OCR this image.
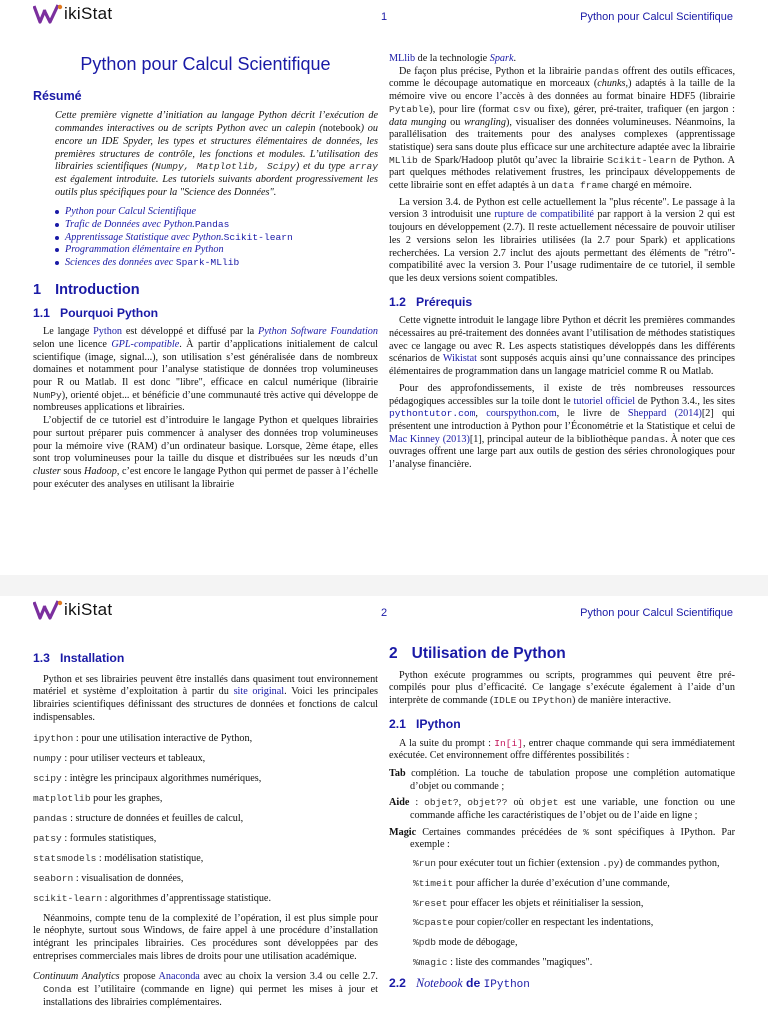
ikiStat	1	Python pour Calcul Scientifique
Python pour Calcul Scientifique
Résumé
Cette première vignette d’initiation au langage Python décrit l’exécution de commandes interactives ou de scripts Python avec un calepin (notebook) ou encore un IDE Spyder, les types et structures élémentaires de données, les premières structures de contrôle, les fonctions et modules. L’utilisation des librairies scientifiques (Numpy, Matplotlib, Scipy) et du type array est également introduite. Les tutoriels suivants abordent progressivement les outils plus spécifiques pour la "Science des Données".
Python pour Calcul Scientifique
Trafic de Données avec Python.Pandas
Apprentissage Statistique avec Python.Scikit-learn
Programmation élémentaire en Python
Sciences des données avec Spark-MLlib
1 Introduction
1.1 Pourquoi Python

Le langage Python est développé et diffusé par la Python Software Foundation selon une licence GPL-compatible. À partir d’applications initialement de calcul scientifique (image, signal...), son utilisation s’est généralisée dans de nombreux domaines et notamment pour l’analyse statistique de données trop volumineuses pour R ou Matlab. Il est donc "libre", efficace en calcul numérique (librairie NumPy), orienté objet... et bénéficie d’une communauté très active qui développe de nombreuses applications et librairies.

L’objectif de ce tutoriel est d’introduire le langage Python et quelques librairies pour surtout préparer puis commencer à analyser des données trop volumineuses pour la mémoire vive (RAM) d’un ordinateur basique. Lorsque, 2ème étape, elles sont trop volumineuses pour la taille du disque et distribuées sur les nœuds d’un cluster sous Hadoop, c’est encore le langage Python qui permet de passer à l’échelle pour exécuter des analyses en utilisant la librairie

MLlib de la technologie Spark.

De façon plus précise, Python et la librairie pandas offrent des outils efficaces, comme le découpage automatique en morceaux (chunks,) adaptés à la taille de la mémoire vive ou encore l’accès à des données au format binaire HDF5 (librairie Pytable), pour lire (format csv ou fixe), gérer, pré-traiter, trafiquer (en jargon : data munging ou wrangling), visualiser des données volumineuses. Néanmoins, la parallélisation des traitements pour des analyses complexes (apprentissage statistique) sera sans doute plus efficace sur une architecture adaptée avec la librairie MLlib de Spark/Hadoop plutôt qu’avec la librairie Scikit-learn de Python. A part quelques méthodes relativement frustres, les principaux développements de cette librairie sont en effet adaptés à un data frame chargé en mémoire.

La version 3.4. de Python est celle actuellement la "plus récente". Le passage à la version 3 introduisit une rupture de compatibilité par rapport à la version 2 qui est toujours en développement (2.7). Il reste actuellement nécessaire de pouvoir utiliser les 2 versions selon les librairies utilisées (la 2.7 pour Spark) et applications recherchées. La version 2.7 inclut des ajouts permettant des éléments de "rétro"-compatibilité avec la version 3. Pour l’usage rudimentaire de ce tutoriel, il semble que les deux versions soient compatibles.

1.2 Prérequis

Cette vignette introduit le langage libre Python et décrit les premières commandes nécessaires au pré-traitement des données avant l’utilisation de méthodes statistiques avec ce langage ou avec R. Les aspects statistiques développés dans les différents scénarios de Wikistat sont supposés acquis ainsi qu’une connaissance des principes élémentaires de programmation dans un langage matriciel comme R ou Matlab.

Pour des approfondissements, il existe de très nombreuses ressources pédagogiques accessibles sur la toile dont le tutoriel officiel de Python 3.4., les sites pythontutor.com, courspython.com, le livre de Sheppard (2014)[2] qui présentent une introduction à Python pour l’Économétrie et la Statistique et celui de Mac Kinney (2013)[1], principal auteur de la bibliothèque pandas. À noter que ces ouvrages offrent une large part aux outils de gestion des séries chronologiques pour l’analyse financière.

ikiStat	2	Python pour Calcul Scientifique
1.3 Installation

Python et ses librairies peuvent être installés dans quasiment tout environnement matériel et système d’exploitation à partir du site original. Voici les principales librairies scientifiques définissant des structures de données et fonctions de calcul indispensables.

ipython : pour une utilisation interactive de Python,
numpy : pour utiliser vecteurs et tableaux,
scipy : intègre les principaux algorithmes numériques,
matplotlib pour les graphes,
pandas : structure de données et feuilles de calcul,
patsy : formules statistiques,
statsmodels : modélisation statistique,
seaborn : visualisation de données,
scikit-learn : algorithmes d’apprentissage statistique.

Néanmoins, compte tenu de la complexité de l’opération, il est plus simple pour le néophyte, surtout sous Windows, de faire appel à une procédure d’installation intégrant les principales librairies. Ces procédures sont développées par des entreprises commerciales mais libres de droits pour une utilisation académique.

Continuum Analytics propose Anaconda avec au choix la version 3.4 ou celle 2.7. Conda est l’utilitaire (commande en ligne) qui permet les mises à jour et installations des librairies complémentaires.
2 Utilisation de Python

Python exécute programmes ou scripts, programmes qui peuvent être pré-compilés pour plus d’efficacité. Ce langage s’exécute également à l’aide d’un interprète de commande (IDLE ou IPython) de manière interactive.

2.1 IPython

A la suite du prompt : In[i], entrer chaque commande qui sera immédiatement exécutée. Cet environnement offre différentes possibilités :

Tab complétion. La touche de tabulation propose une complétion automatique d’objet ou commande ;
Aide : objet?, objet?? où objet est une variable, une fonction ou une commande affiche les caractéristiques de l’objet ou de l’aide en ligne ;
Magic Certaines commandes précédées de % sont spécifiques à IPython. Par exemple :
%run pour exécuter tout un fichier (extension .py) de commandes python,
%timeit pour afficher la durée d’exécution d’une commande,
%reset pour effacer les objets et réinitialiser la session,
%cpaste pour copier/coller en respectant les indentations,
%pdb mode de débogage,
%magic : liste des commandes "magiques".
2.2 Notebook de IPython
